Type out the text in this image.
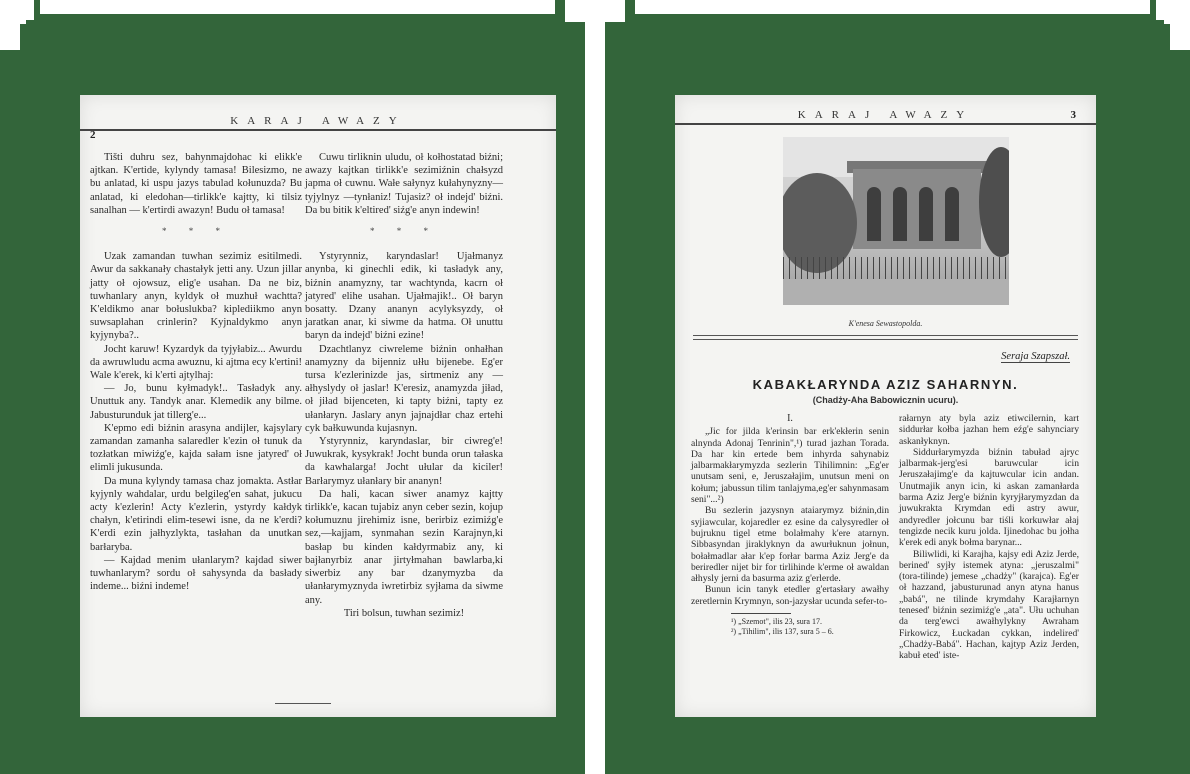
2
KARAJ AWAZY

Tišti duhru sez, bahynmajdohac ki elikk'e ajtkan. K'ertide, kylyndy tamasa! Bilesizmo, ne bu anlatad, ki uspu jazys tabulad kołunuzda? Bu anlatad, ki eledohan—tirlikk'e kajtty, ki tilsiz sanalhan — k'ertirdi awazyn! Budu oł tamasa!

* * *

Uzak zamandan tuwhan sezimiz esitilmedi. Awur da sakkanały chastałyk jetti any. Uzun jillar jatty oł ojowsuz, elig'e usahan. Da ne biz, tuwhanlary anyn, kyldyk oł muzhuł wachtta? K'eldikmo anar bołuslukba? kiplediikmo anyn suwsaplahan crinlerin? Kyjnaldykmo anyn kyjynyba?..

Jocht karuw! Kyzardyk da tyjyłabiz... Awurdu da awruwludu acma awuznu, ki ajtma ecy k'ertini! Wale k'erek, ki k'erti ajtylhaj:

— Jo, bunu kyłmadyk!.. Tasładyk any. Unuttuk any. Tandyk anar. Klemedik any bilme. Jabusturunduk jat tillerg'e...

K'epmo edi biźnin arasyna andijler, kajsylary zamandan zamanha salaredler k'ezin oł tunuk da tozłatkan miwiźg'e, kajda sałam isne jatyred' oł elimli jukusunda.

Da muna kylyndy tamasa chaz jomakta. Astłar kyjynly wahdalar, urdu belgileg'en sahat, jukucu acty k'ezlerin! Acty k'ezlerin, ystyrdy kałdyk chałyn, k'etirindi elim-tesewi isne, da ne k'erdi? K'erdi ezin jałhyzlykta, tasłahan da unutkan barłaryba.

— Kajdad menim ułanlarym? kajdad siwer tuwhanlarym? sordu oł sahysynda da basłady indeme... biźni indeme!

Cuwu tirliknin uludu, oł kołhostatad biźni; awazy kajtkan tirlikk'e sezimiźnin chałsyzd japma oł cuwnu. Wałe sałynyz kułahynyzny—tyjylnyz —tynłaniz! Tujasiz? oł indejd' biźni. Da bu bitik k'eltired' siźg'e anyn indewin!

* * *

Ystyrynniz, karyndaslar! Ujałmanyz anynba, ki ginechli edik, ki tasładyk any, biźnin anamyzny, tar wachtynda, kacrn oł jatyred' elihe usahan. Ujałmajik!.. Oł baryn bosatty. Dzany ananyn acylyksyzdy, oł jaratkan anar, ki siwme da hatma. Oł unuttu baryn da indejd' biźni ezine!

Dzachtlanyz ciwreleme biźnin onhałhan anamyzny da bijenniz ułłu bijenebe. Eg'er tursa k'ezlerinizde jas, sirtmeniz any — ałhyslydy oł jaslar! K'eresiz, anamyzda jiład, oł jiład bijenceten, ki tapty biźni, tapty ez ułanłaryn. Jaslary anyn jajnajdłar chaz ertehi cyk bałkuwunda kujasnyn.

Ystyrynniz, karyndaslar, bir ciwreg'e! Juwukrak, kysykrak! Jocht bunda orun tałaska da kawhalarga! Jocht ułular da kiciler! Barłarymyz ułanłary bir ananyn!

Da hali, kacan siwer anamyz kajtty tirlikk'e, kacan tujabiz anyn ceber sezin, kojup kołumuznu jirehimiz isne, berirbiz ezimiźg'e sez,—kajjam, synmahan sezin Karajnyn,ki basłap bu kinden kałdyrmabiz any, ki bajłanyrbiz anar jirtyłmahan bawlarba,ki siwerbiz any bar dzanymyzba da ułanłarymyznyda iwretirbiz syjłama da siwme any.

Tiri bolsun, tuwhan sezimiz!

KARAJ AWAZY	3
K'enesa Sewastopolda.
Seraja Szapszał.
KABAKŁARYNDA AZIZ SAHARNYN.
(Chadży-Aha Babowicznin ucuru).
I.

„Jic for jilda k'erinsin bar erk'ekłerin senin alnynda Adonaj Tenrinin",¹) turad jazhan Torada. Da har kin ertede bem inhyrda sahynabiz jalbarmakłarymyzda sezlerin Tihilimnin: „Eg'er unutsam seni, e, Jeruszałajim, unutsun meni on kołum; jabussun tilim tanlajyma,eg'er sahynmasam seni"...²)

Bu sezlerin jazysnyn ataiarymyz biźnin,din syjiawcular, kojaredler ez esine da calysyredler oł bujruknu tigel etme bolałmahy k'ere atarnyn. Sibbasyndan jiraklyknyn da awurłuknun jołnun, bołałmadlar ałar k'ep forłar barma Aziz Jerg'e da beriredler nijet bir for tirlihinde k'erme oł awaldan ałhysly jerni da basurma aziz g'erlerde.

Bunun icin tanyk etedler g'ertasłary awałhy zeretlernin Krymnyn, son-jazysłar ucunda sefer-to-

¹) „Szemot", ilis 23, sura 17.

²) „Tihilim", ilis 137, sura 5 – 6.

rałarnyn aty byla aziz etiwcilernin, kart siddurłar kołba jazhan hem eźg'e sahynciary askanłyknyn.

Siddurłarymyzda biźnin tabuład ajryc jalbarmak-jerg'esi baruwcular icin Jeruszałajimg'e da kajtuwcular icin andan. Unutmajik anyn icin, ki askan zamanłarda barma Aziz Jerg'e biźnin kyryjłarymyzdan da juwukrakta Krymdan edi astry awur, andyredler jołcunu bar tiśli korkuwłar ałaj tengizde necik kuru jolda. Ijinedohac bu jołha k'erek edi anyk bołma barynar...

Biliwlidi, ki Karajha, kajsy edi Aziz Jerde, berined' syjły istemek atyna: „jeruszalmi" (tora-tilinde) jemese „chadży" (karajca). Eg'er oł hazzand, jabusturunad anyn atyna hanus „babá", ne tilinde krymdahy Karajłarnyn tenesed' biźnin sezimiźg'e „ata". Ułu uchuhan da terg'ewci awałhylykny Awraham Firkowicz, Łuckadan cykkan, indelired' „Chadży-Babá". Hachan, kajtyp Aziz Jerden, kabuł eted' iste-
